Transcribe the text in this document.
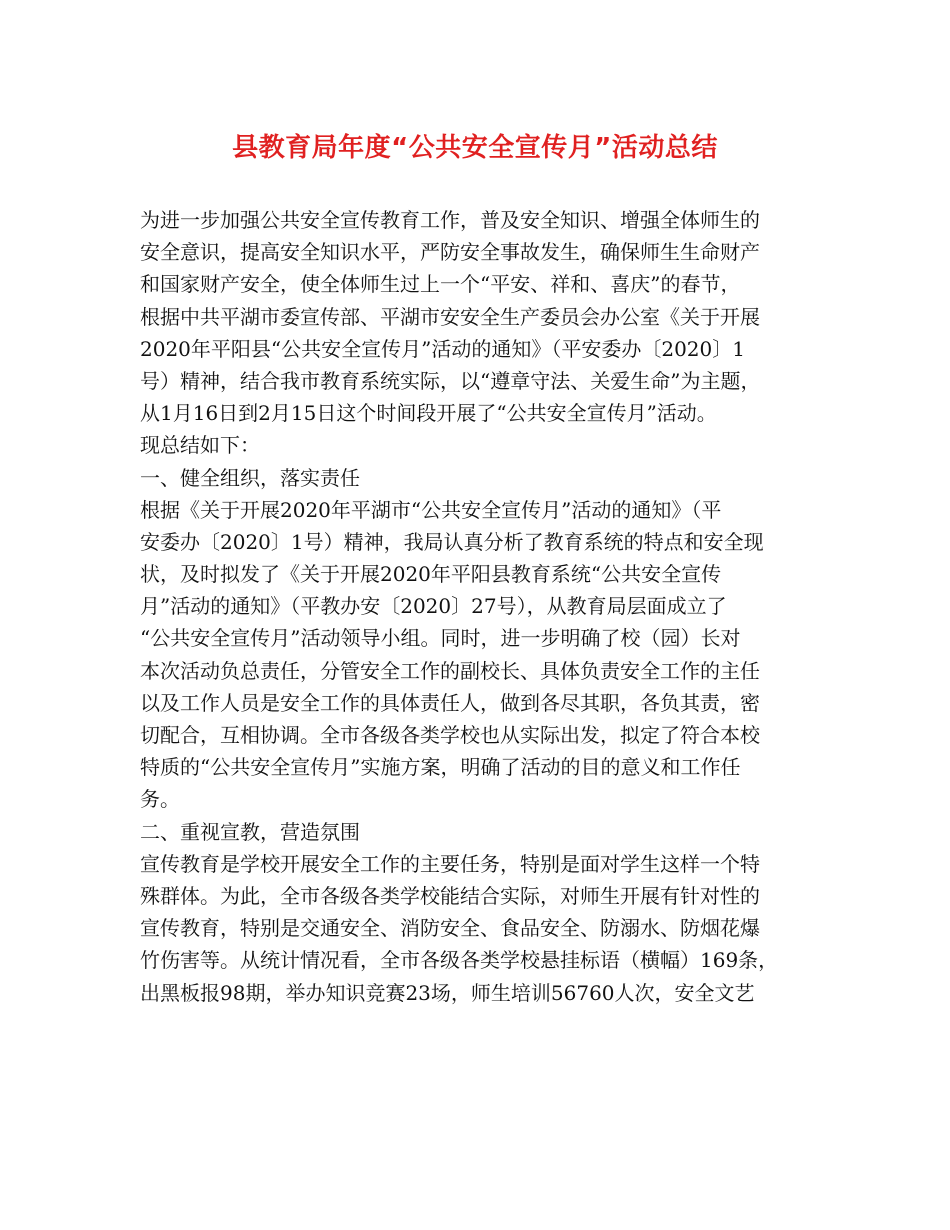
县教育局年度“公共安全宣传月”活动总结
为进一步加强公共安全宣传教育工作，普及安全知识、增强全体师生的
安全意识，提高安全知识水平，严防安全事故发生，确保师生生命财产
和国家财产安全，使全体师生过上一个“平安、祥和、喜庆”的春节，
根据中共平湖市委宣传部、平湖市安安全生产委员会办公室《关于开展
2020年平阳县“公共安全宣传月”活动的通知》（平安委办〔2020〕1
号）精神，结合我市教育系统实际，以“遵章守法、关爱生命”为主题，
从1月16日到2月15日这个时间段开展了“公共安全宣传月”活动。
现总结如下：
一、健全组织，落实责任
根据《关于开展2020年平湖市“公共安全宣传月”活动的通知》（平
安委办〔2020〕1号）精神，我局认真分析了教育系统的特点和安全现
状，及时拟发了《关于开展2020年平阳县教育系统“公共安全宣传
月”活动的通知》（平教办安〔2020〕27号），从教育局层面成立了
“公共安全宣传月”活动领导小组。同时，进一步明确了校（园）长对
本次活动负总责任，分管安全工作的副校长、具体负责安全工作的主任
以及工作人员是安全工作的具体责任人，做到各尽其职，各负其责，密
切配合，互相协调。全市各级各类学校也从实际出发，拟定了符合本校
特质的“公共安全宣传月”实施方案，明确了活动的目的意义和工作任
务。
二、重视宣教，营造氛围
宣传教育是学校开展安全工作的主要任务，特别是面对学生这样一个特
殊群体。为此，全市各级各类学校能结合实际，对师生开展有针对性的
宣传教育，特别是交通安全、消防安全、食品安全、防溺水、防烟花爆
竹伤害等。从统计情况看，全市各级各类学校悬挂标语（横幅）169条，
出黑板报98期，举办知识竞赛23场，师生培训56760人次，安全文艺
